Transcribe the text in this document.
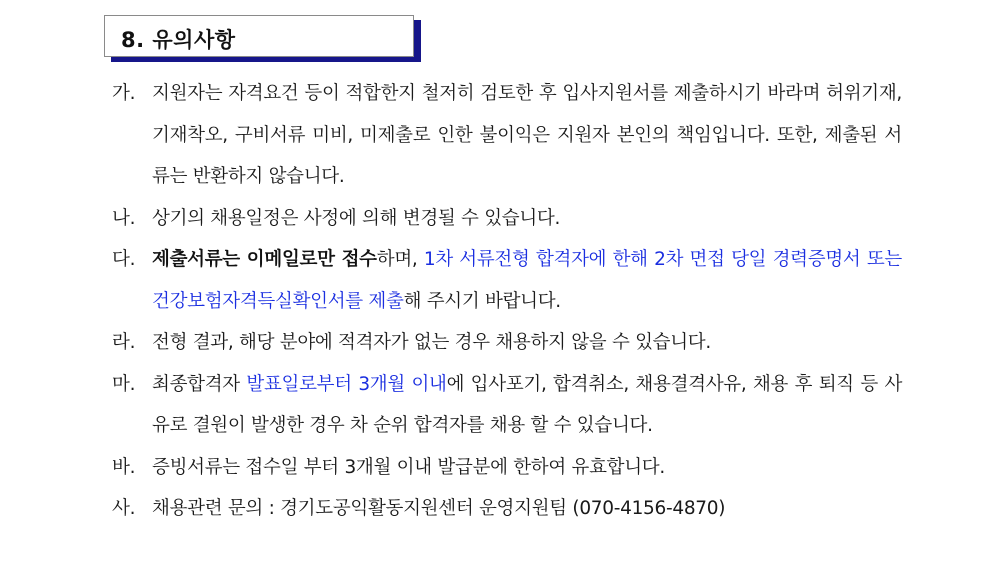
8. 유의사항
가. 지원자는 자격요건 등이 적합한지 철저히 검토한 후 입사지원서를 제출하시기 바라며 허위기재, 기재착오, 구비서류 미비, 미제출로 인한 불이익은 지원자 본인의 책임입니다. 또한, 제출된 서류는 반환하지 않습니다.
나. 상기의 채용일정은 사정에 의해 변경될 수 있습니다.
다. 제출서류는 이메일로만 접수하며, 1차 서류전형 합격자에 한해 2차 면접 당일 경력증명서 또는 건강보험자격득실확인서를 제출해 주시기 바랍니다.
라. 전형 결과, 해당 분야에 적격자가 없는 경우 채용하지 않을 수 있습니다.
마. 최종합격자 발표일로부터 3개월 이내에 입사포기, 합격취소, 채용결격사유, 채용 후 퇴직 등 사유로 결원이 발생한 경우 차 순위 합격자를 채용 할 수 있습니다.
바. 증빙서류는 접수일 부터 3개월 이내 발급분에 한하여 유효합니다.
사. 채용관련 문의 : 경기도공익활동지원센터 운영지원팀 (070-4156-4870)
